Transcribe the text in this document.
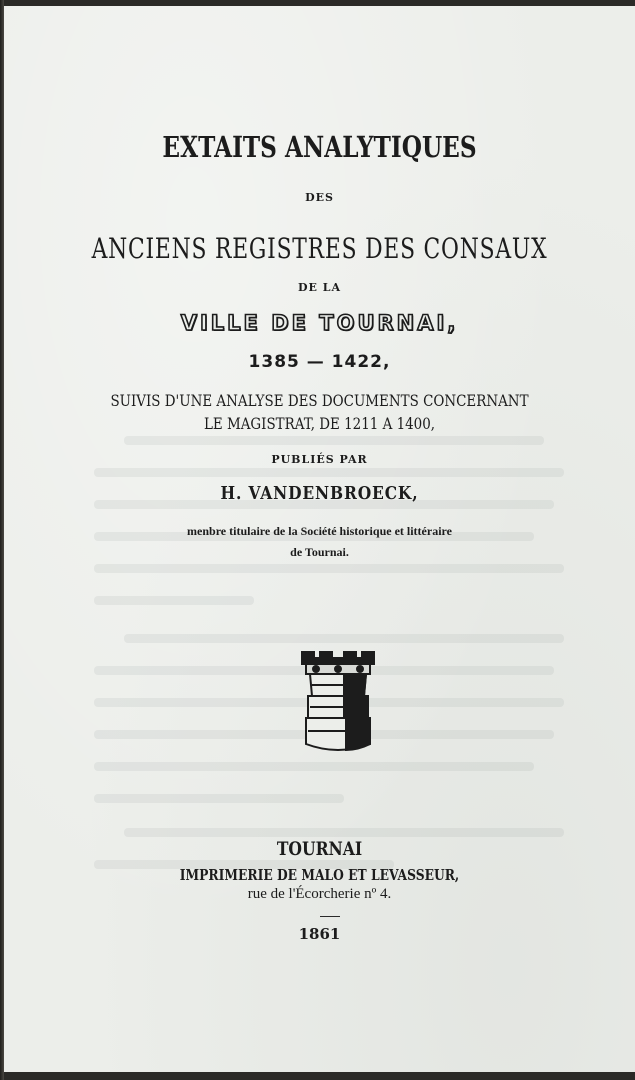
EXTAITS ANALYTIQUES
DES
ANCIENS REGISTRES DES CONSAUX
DE LA
VILLE DE TOURNAI,
1385 — 1422,
SUIVIS D'UNE ANALYSE DES DOCUMENTS CONCERNANT
LE MAGISTRAT, DE 1211 A 1400,
PUBLIÉS PAR
H. VANDENBROECK,
menbre titulaire de la Société historique et littéraire
de Tournai.
TOURNAI
IMPRIMERIE DE MALO ET LEVASSEUR,
rue de l'Écorcherie nº 4.
1861
